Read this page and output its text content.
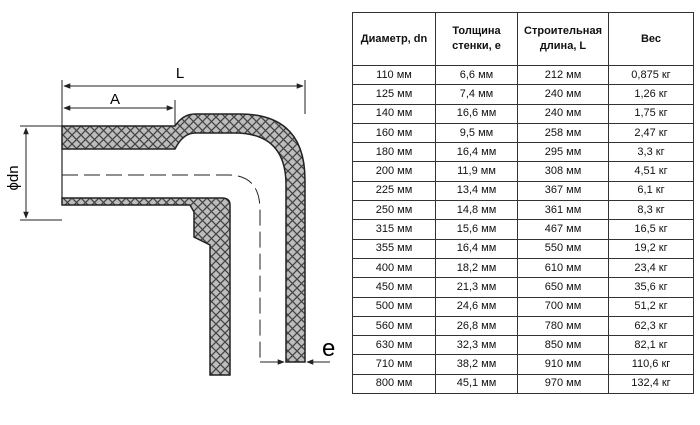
L
A
ϕdn
e
Диаметр, dn	Толщина стенки, е	Строительная длина, L	Вес
110 мм	6,6 мм	212 мм	0,875 кг
125 мм	7,4 мм	240 мм	1,26 кг
140 мм	16,6 мм	240 мм	1,75 кг
160 мм	9,5 мм	258 мм	2,47 кг
180 мм	16,4 мм	295 мм	3,3 кг
200 мм	11,9 мм	308 мм	4,51 кг
225 мм	13,4 мм	367 мм	6,1 кг
250 мм	14,8 мм	361 мм	8,3 кг
315 мм	15,6 мм	467 мм	16,5 кг
355 мм	16,4 мм	550 мм	19,2 кг
400 мм	18,2 мм	610 мм	23,4 кг
450 мм	21,3 мм	650 мм	35,6 кг
500 мм	24,6 мм	700 мм	51,2 кг
560 мм	26,8 мм	780 мм	62,3 кг
630 мм	32,3 мм	850 мм	82,1 кг
710 мм	38,2 мм	910 мм	110,6 кг
800 мм	45,1 мм	970 мм	132,4 кг
